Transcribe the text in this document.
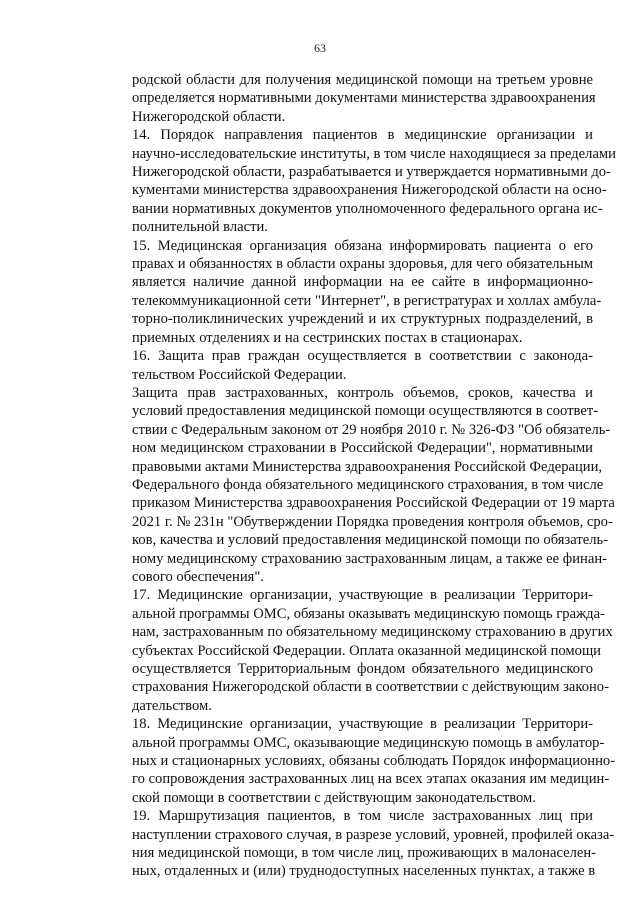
63
родской области для получения медицинской помощи на третьем уровне
определяется нормативными документами министерства здравоохранения
Нижегородской области.
14. Порядок направления пациентов в медицинские организации и
научно-исследовательские институты, в том числе находящиеся за пределами
Нижегородской области, разрабатывается и утверждается нормативными до-
кументами министерства здравоохранения Нижегородской области на осно-
вании нормативных документов уполномоченного федерального органа ис-
полнительной власти.
15. Медицинская организация обязана информировать пациента о его
правах и обязанностях в области охраны здоровья, для чего обязательным
является наличие данной информации на ее сайте в информационно-
телекоммуникационной сети "Интернет", в регистратурах и холлах амбула-
торно-поликлинических учреждений и их структурных подразделений, в
приемных отделениях и на сестринских постах в стационарах.
16. Защита прав граждан осуществляется в соответствии с законода-
тельством Российской Федерации.
Защита прав застрахованных, контроль объемов, сроков, качества и
условий предоставления медицинской помощи осуществляются в соответ-
ствии с Федеральным законом от 29 ноября 2010 г. № 326-ФЗ "Об обязатель-
ном медицинском страховании в Российской Федерации", нормативными
правовыми актами Министерства здравоохранения Российской Федерации,
Федерального фонда обязательного медицинского страхования, в том числе
приказом Министерства здравоохранения Российской Федерации от 19 марта
2021 г. № 231н "Обутверждении Порядка проведения контроля объемов, сро-
ков, качества и условий предоставления медицинской помощи по обязатель-
ному медицинскому страхованию застрахованным лицам, а также ее финан-
сового обеспечения".
17. Медицинские организации, участвующие в реализации Территори-
альной программы ОМС, обязаны оказывать медицинскую помощь граждa-
нам, застрахованным по обязательному медицинскому страхованию в других
субъектах Российской Федерации. Оплата оказанной медицинской помощи
осуществляется Территориальным фондом обязательного медицинского
страхования Нижегородской области в соответствии с действующим законо-
дательством.
18. Медицинские организации, участвующие в реализации Территори-
альной программы ОМС, оказывающие медицинскую помощь в амбулатор-
ных и стационарных условиях, обязаны соблюдать Порядок информационно-
го сопровождения застрахованных лиц на всех этапах оказания им медицин-
ской помощи в соответствии с действующим законодательством.
19. Маршрутизация пациентов, в том числе застрахованных лиц при
наступлении страхового случая, в разрезе условий, уровней, профилей оказа-
ния медицинской помощи, в том числе лиц, проживающих в малонаселен-
ных, отдаленных и (или) труднодоступных населенных пунктах, а также в
